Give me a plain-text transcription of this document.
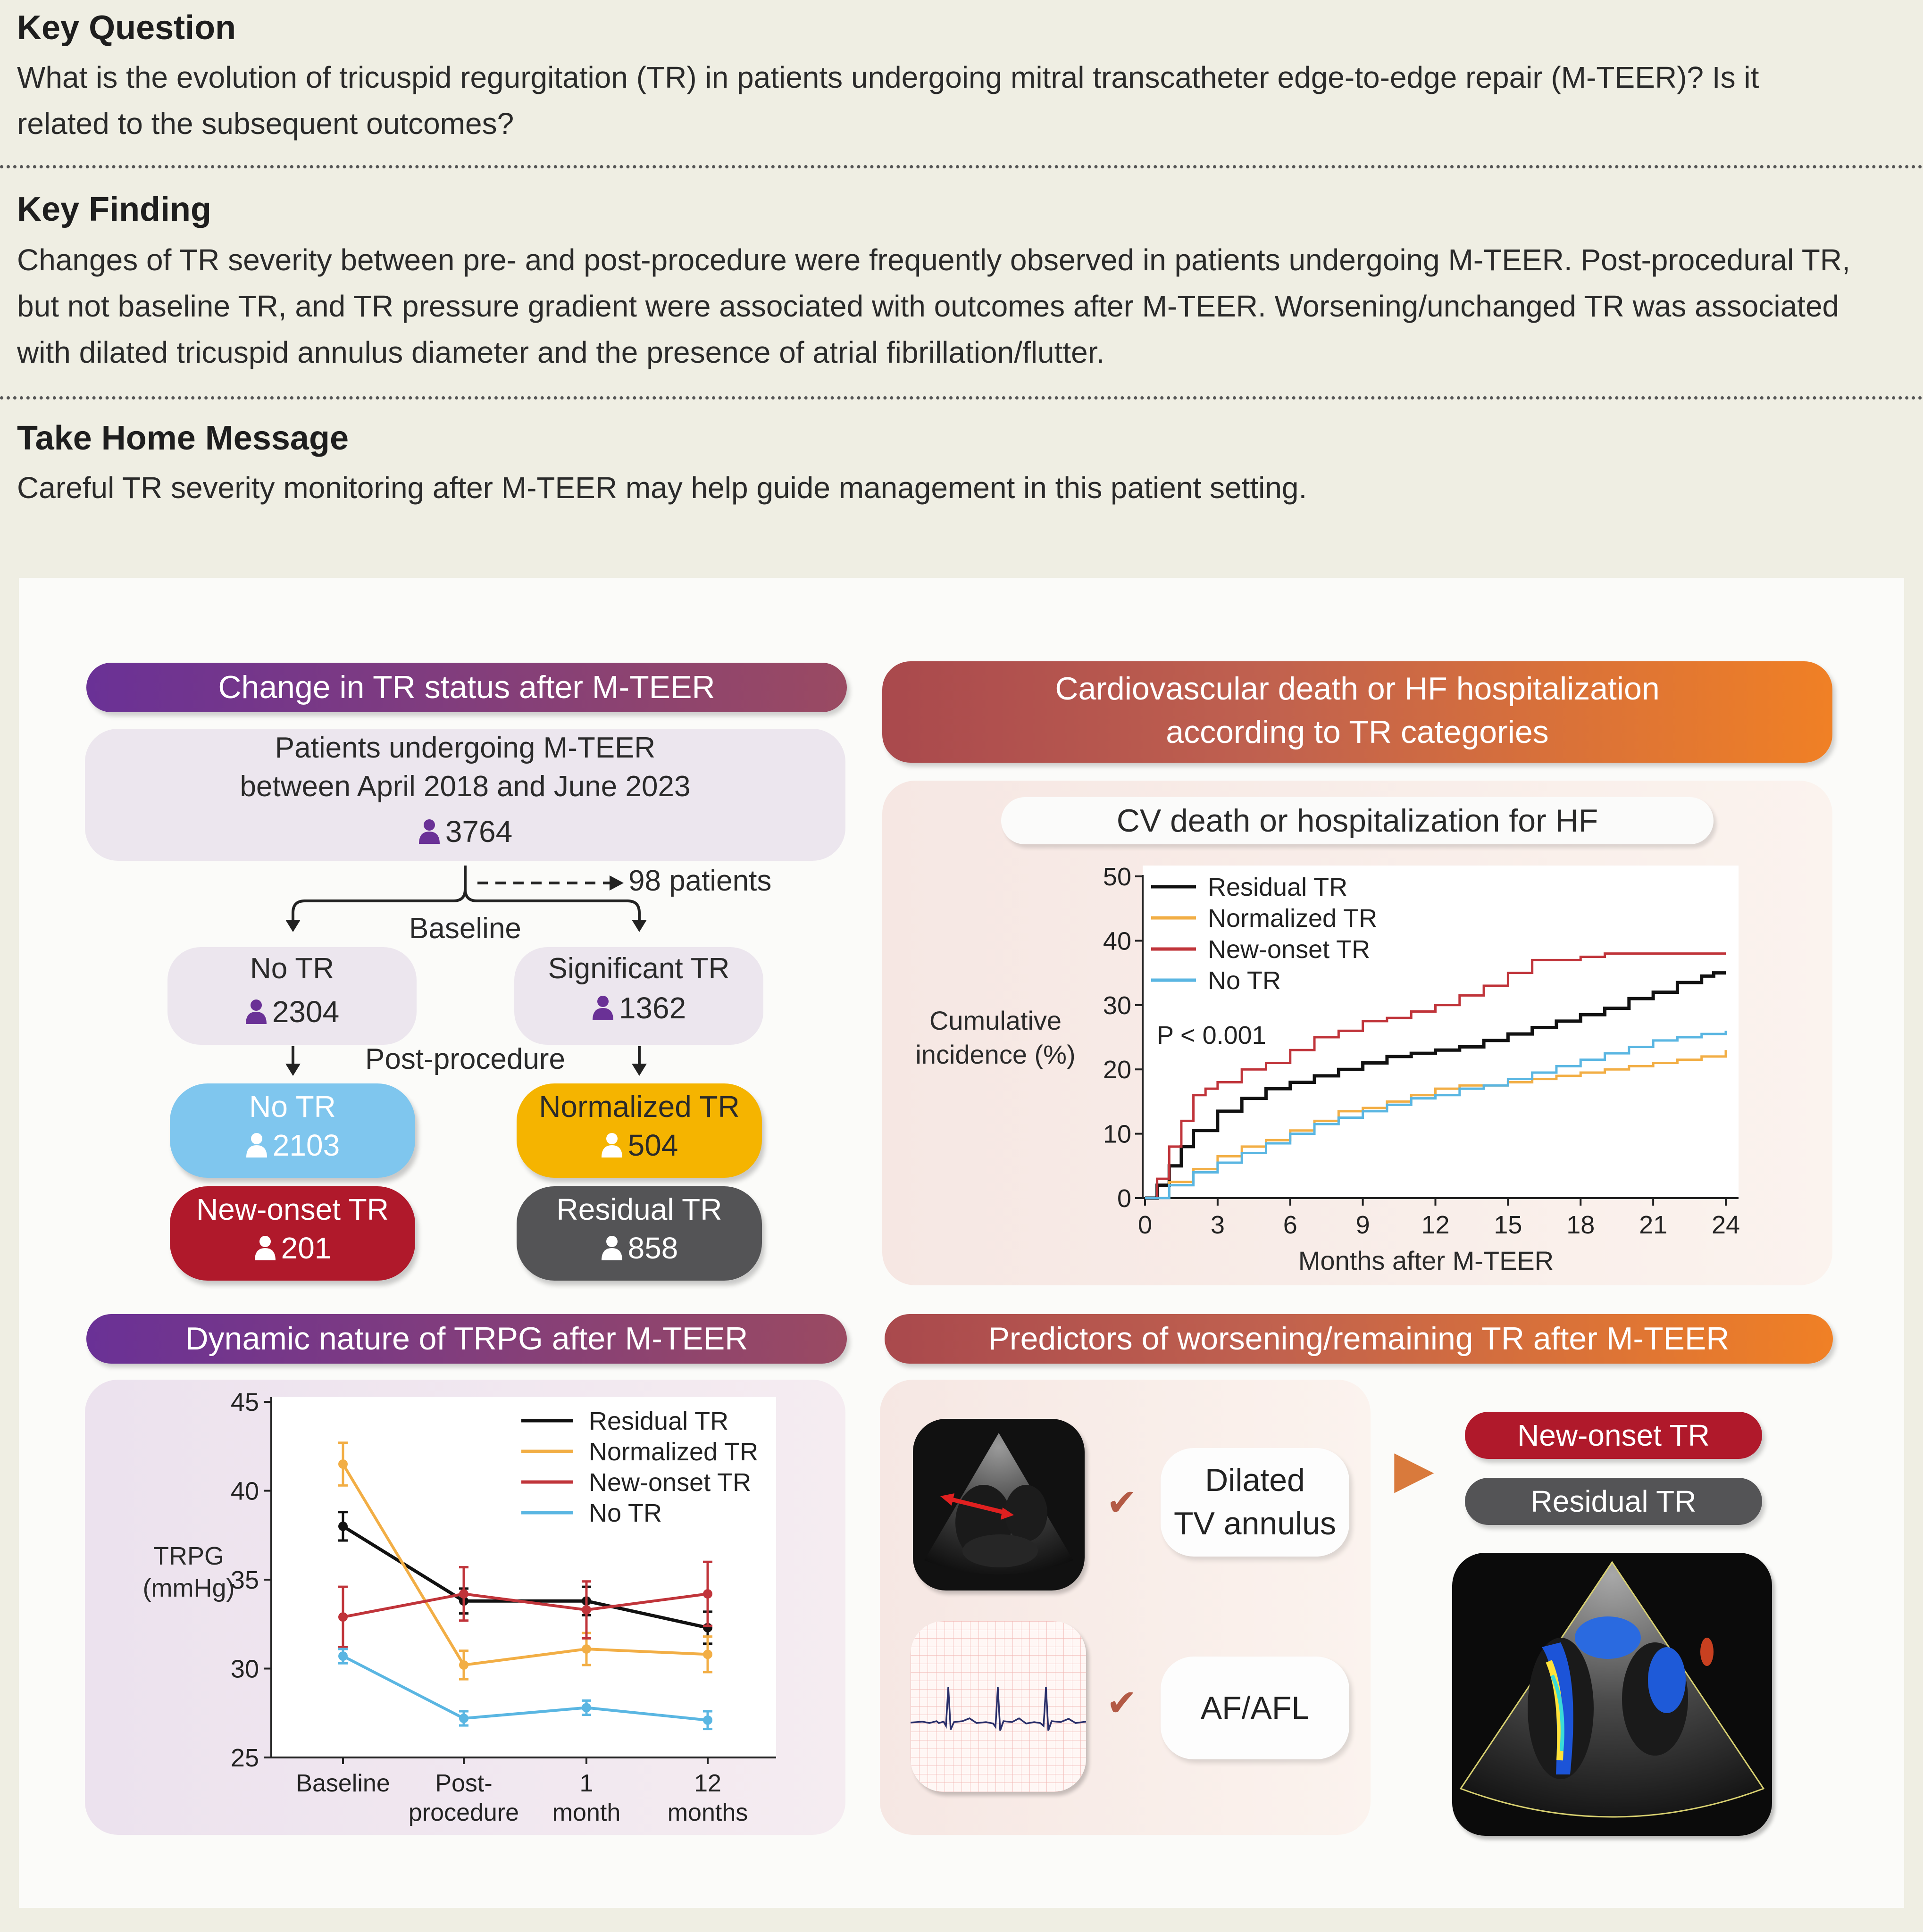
Key Question
What is the evolution of tricuspid regurgitation (TR) in patients undergoing mitral transcatheter edge-to-edge repair (M-TEER)? Is it
related to the subsequent outcomes?
Key Finding
Changes of TR severity between pre- and post-procedure were frequently observed in patients undergoing M-TEER. Post-procedural TR,
but not baseline TR, and TR pressure gradient were associated with outcomes after M-TEER. Worsening/unchanged TR was associated
with dilated tricuspid annulus diameter and the presence of atrial fibrillation/flutter.
Take Home Message
Careful TR severity monitoring after M-TEER may help guide management in this patient setting.
Change in TR status after M-TEER
Patients undergoing M-TEER
between April 2018 and June 2023
3764
98 patients
Baseline
No TR
2304
Significant TR
1362
Post-procedure
No TR
2103
Normalized TR
504
New-onset TR
201
Residual TR
858
Cardiovascular death or HF hospitalization
according to TR categories
CV death or hospitalization for HF
Cumulative
incidence (%)
Months after M-TEER
0
10
20
30
40
50
0 3 6 9 12 15 18 21 24
Residual TR
Normalized TR
New-onset TR
No TR
P < 0.001
Dynamic nature of TRPG after M-TEER
TRPG
(mmHg)
25
30
35
40
45
Baseline Post-
procedure
1
month
12
months
Residual TR
Normalized TR
New-onset TR
No TR
Predictors of worsening/remaining TR after M-TEER
✔
Dilated
TV annulus
✔	AF/AFL
▶
New-onset TR
Residual TR
